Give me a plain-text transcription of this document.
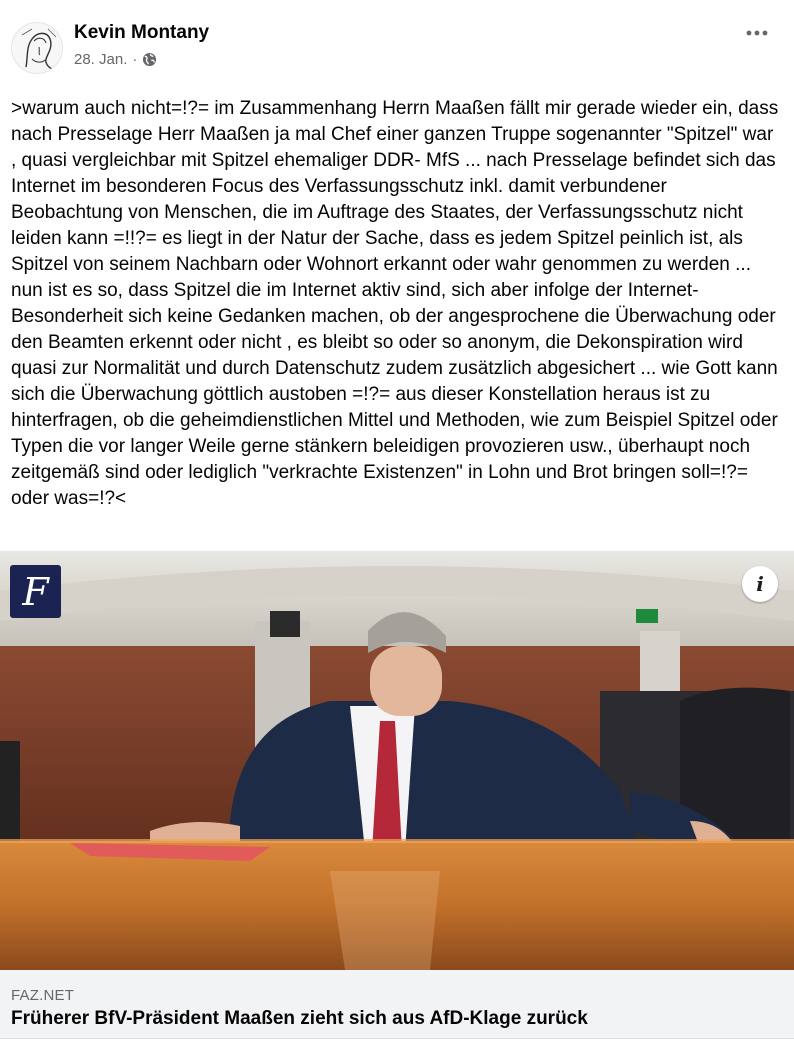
Kevin Montany
28. Jan. ·

>warum auch nicht=!?= im Zusammenhang Herrn Maaßen fällt mir gerade wieder ein, dass nach Presselage Herr Maaßen ja mal Chef einer ganzen Truppe sogenannter "Spitzel" war , quasi vergleichbar mit Spitzel ehemaliger DDR- MfS ... nach Presselage befindet sich das Internet im besonderen Focus des Verfassungsschutz inkl. damit verbundener Beobachtung von Menschen, die im Auftrage des Staates, der Verfassungsschutz nicht leiden kann =!!?= es liegt in der Natur der Sache, dass es jedem Spitzel peinlich ist, als Spitzel von seinem Nachbarn oder Wohnort erkannt oder wahr genommen zu werden ... nun ist es so, dass Spitzel die im Internet aktiv sind, sich aber infolge der Internet- Besonderheit sich keine Gedanken machen, ob der angesprochene die Überwachung oder den Beamten erkennt oder nicht , es bleibt so oder so anonym, die Dekonspiration wird quasi zur Normalität und durch Datenschutz zudem zusätzlich abgesichert ... wie Gott kann sich die Überwachung göttlich austoben =!?= aus dieser Konstellation heraus ist zu hinterfragen, ob die geheimdienstlichen Mittel und Methoden, wie zum Beispiel Spitzel oder Typen die vor langer Weile gerne stänkern beleidigen provozieren usw., überhaupt noch zeitgemäß sind oder lediglich "verkrachte Existenzen" in Lohn und Brot bringen soll=!?= oder was=!?<

F	i
FAZ.NET
Früherer BfV-Präsident Maaßen zieht sich aus AfD-Klage zurück
